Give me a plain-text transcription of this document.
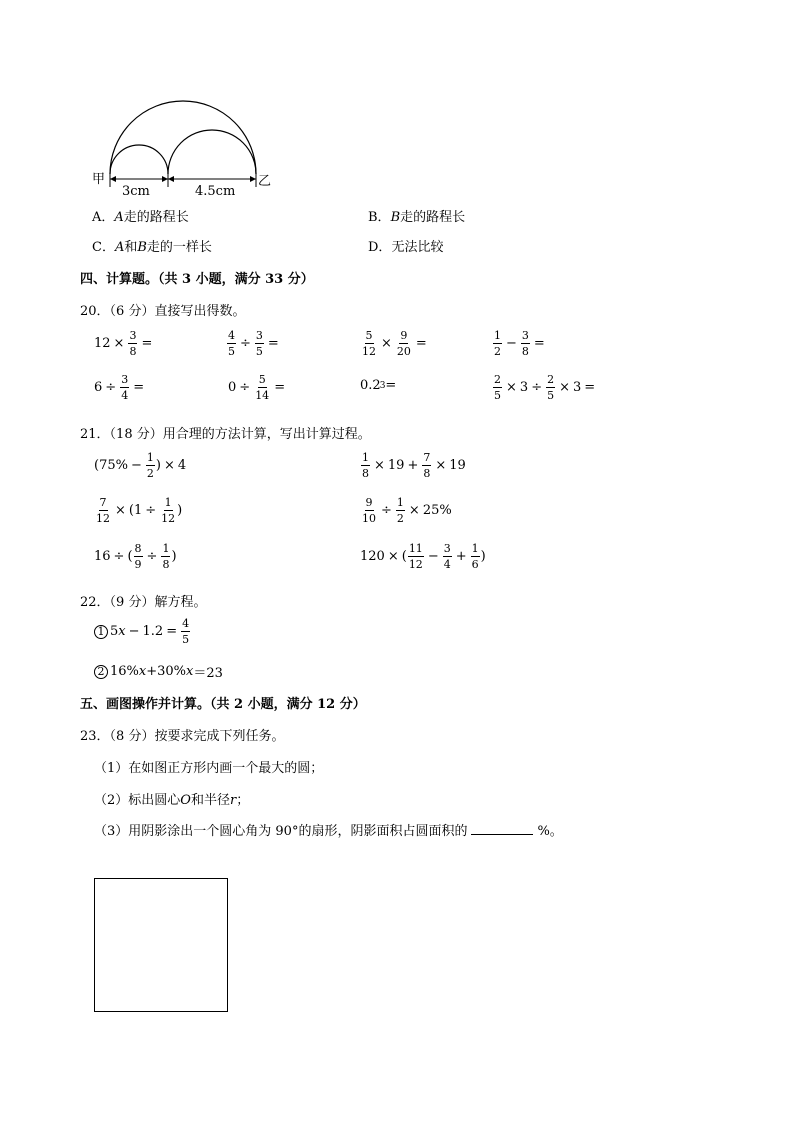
甲	乙
3cm	4.5cm
A．A走的路程长	B．B走的路程长
C．A和B走的一样长	D．无法比较
四、计算题。（共 3 小题，满分 33 分）
20．（6 分）直接写出得数。
$12 \times \frac{3}{8}$ =	$\frac{4}{5} \div \frac{3}{5}$ =	$\frac{5}{12} \times \frac{9}{20}$ =	$\frac{1}{2} - \frac{3}{8}$ =
$6 \div \frac{3}{4}$ =	$0 \div \frac{5}{14}$ =	0.2 3 =	$\frac{2}{5} \times 3 \div \frac{2}{5} \times 3$ =
21．（18 分）用合理的方法计算，写出计算过程。
($75\% - \frac{1}{2}$ ) × 4	$\frac{1}{8} \times 19 + \frac{7}{8} \times 19$
$\frac{7}{12} \times (1 \div \frac{1}{12}$ )	$\frac{9}{10} \div \frac{1}{2} \times 25\%$
16 ÷ ( $\frac{8}{9} \div \frac{1}{8}$ )	120 × ( $\frac{11}{12} - \frac{3}{4} + \frac{1}{6}$ )
22．（9 分）解方程。
1 5 $x - 1.2 = \frac{4}{5}$
2 16% x +30% x ＝23
五、画图操作并计算。（共 2 小题，满分 12 分）
23．（8 分）按要求完成下列任务。
（1）在如图正方形内画一个最大的圆；
（2）标出圆心O和半径r；
（3）用阴影涂出一个圆心角为 90°的扇形，阴影面积占圆面积的	%。
